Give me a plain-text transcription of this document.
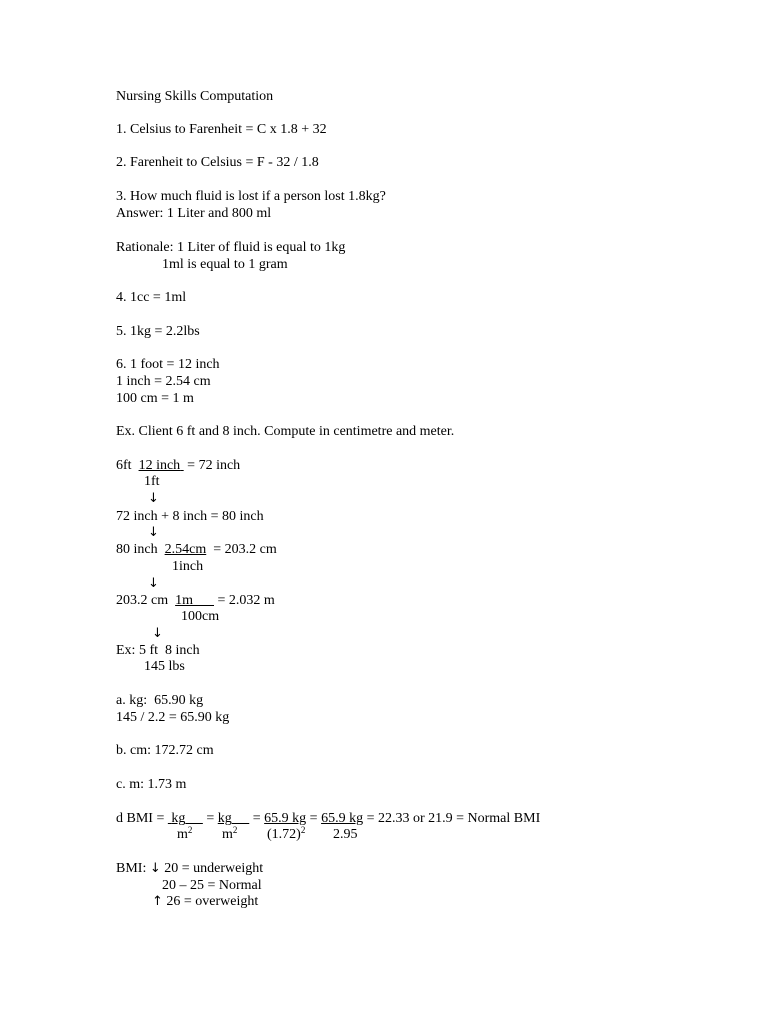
Nursing Skills Computation
1. Celsius to Farenheit = C x 1.8 + 32
2. Farenheit to Celsius = F - 32 / 1.8
3. How much fluid is lost if a person lost 1.8kg?
Answer: 1 Liter and 800 ml
Rationale: 1 Liter of fluid is equal to 1kg
1ml is equal to 1 gram
4. 1cc = 1ml
5. 1kg = 2.2lbs
6. 1 foot = 12 inch
1 inch = 2.54 cm
100 cm = 1 m
Ex. Client 6 ft and 8 inch. Compute in centimetre and meter.
6ft 12 inch  = 72 inch
1ft
↓
72 inch + 8 inch = 80 inch
↓
80 inch 2.54cm  = 203.2 cm
1inch
↓
203.2 cm 1m       = 2.032 m
100cm
↓
Ex: 5 ft  8 inch
145 lbs
a. kg:  65.90 kg
145 / 2.2 = 65.90 kg
b. cm: 172.72 cm
c. m: 1.73 m
d BMI =  kg      = kg      = 65.9 kg = 65.9 kg = 22.33 or 21.9 = Normal BMI
$m^2$ $m^2$ $(1.72)^2$ 2.95
BMI: ↓ 20 = underweight
20 – 25 = Normal
↑ 26 = overweight
